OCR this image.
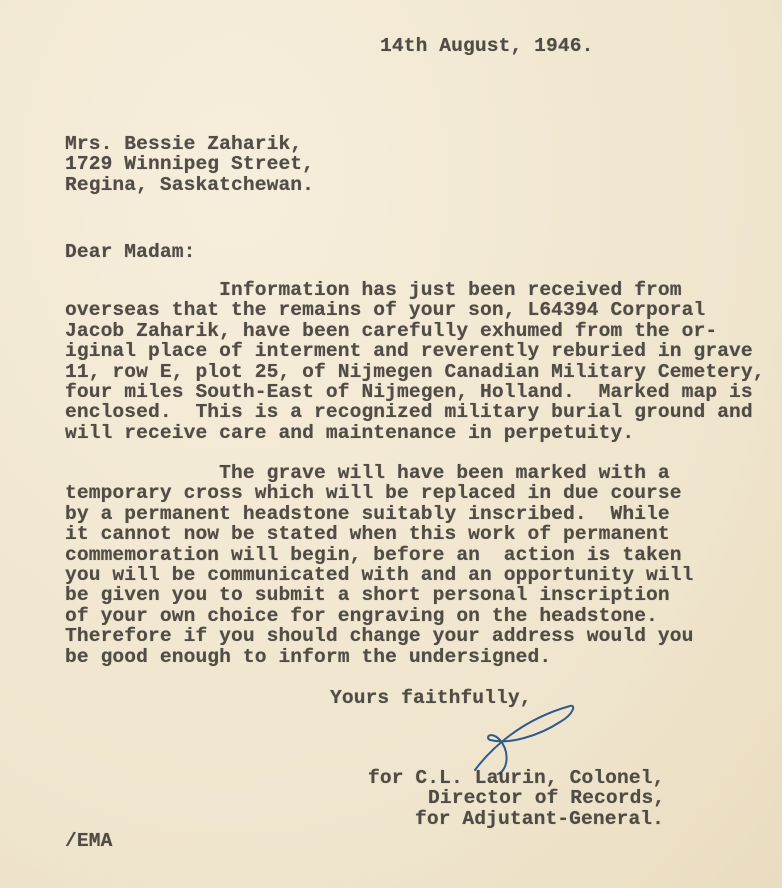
14th August, 1946.
Mrs. Bessie Zaharik,
1729 Winnipeg Street,
Regina, Saskatchewan.
Dear Madam:
Information has just been received from
overseas that the remains of your son, L64394 Corporal
Jacob Zaharik, have been carefully exhumed from the or-
iginal place of interment and reverently reburied in grave
11, row E, plot 25, of Nijmegen Canadian Military Cemetery,
four miles South-East of Nijmegen, Holland.  Marked map is
enclosed.  This is a recognized military burial ground and
will receive care and maintenance in perpetuity.
The grave will have been marked with a
temporary cross which will be replaced in due course
by a permanent headstone suitably inscribed.  While
it cannot now be stated when this work of permanent
commemoration will begin, before an  action is taken
you will be communicated with and an opportunity will
be given you to submit a short personal inscription
of your own choice for engraving on the headstone.
Therefore if you should change your address would you
be good enough to inform the undersigned.
Yours faithfully,
for C.L. Laurin, Colonel,
Director of Records,
for Adjutant-General.
/EMA
